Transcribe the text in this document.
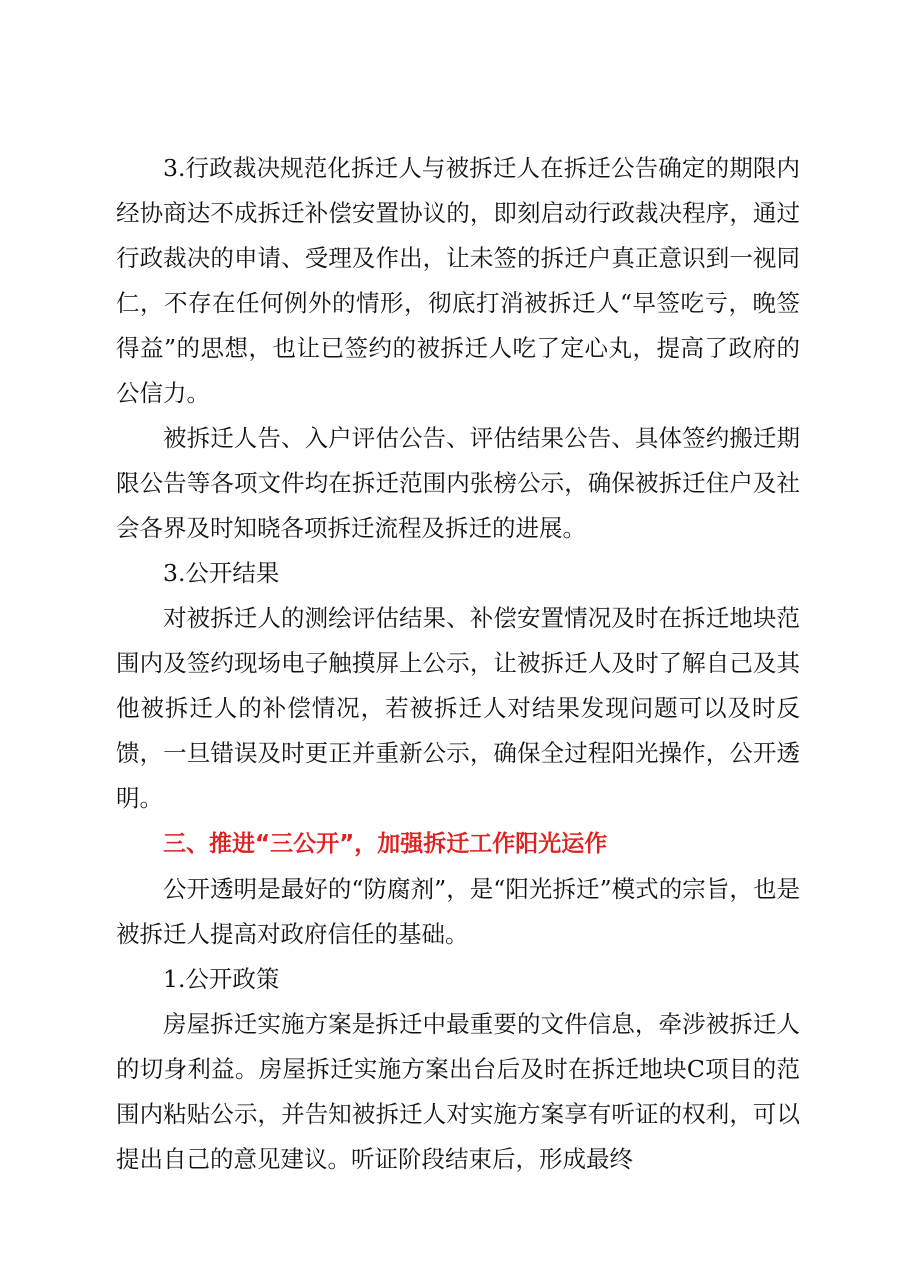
3.行政裁决规范化拆迁人与被拆迁人在拆迁公告确定的期限内经协商达不成拆迁补偿安置协议的，即刻启动行政裁决程序，通过行政裁决的申请、受理及作出，让未签的拆迁户真正意识到一视同仁，不存在任何例外的情形，彻底打消被拆迁人“早签吃亏，晚签得益”的思想，也让已签约的被拆迁人吃了定心丸，提高了政府的公信力。

被拆迁人告、入户评估公告、评估结果公告、具体签约搬迁期限公告等各项文件均在拆迁范围内张榜公示，确保被拆迁住户及社会各界及时知晓各项拆迁流程及拆迁的进展。

3.公开结果

对被拆迁人的测绘评估结果、补偿安置情况及时在拆迁地块范围内及签约现场电子触摸屏上公示，让被拆迁人及时了解自己及其他被拆迁人的补偿情况，若被拆迁人对结果发现问题可以及时反馈，一旦错误及时更正并重新公示，确保全过程阳光操作，公开透明。

三、推进“三公开”，加强拆迁工作阳光运作

公开透明是最好的“防腐剂”，是“阳光拆迁”模式的宗旨，也是被拆迁人提高对政府信任的基础。

1.公开政策

房屋拆迁实施方案是拆迁中最重要的文件信息，牵涉被拆迁人的切身利益。房屋拆迁实施方案出台后及时在拆迁地块C项目的范围内粘贴公示，并告知被拆迁人对实施方案享有听证的权利，可以提出自己的意见建议。听证阶段结束后，形成最终
